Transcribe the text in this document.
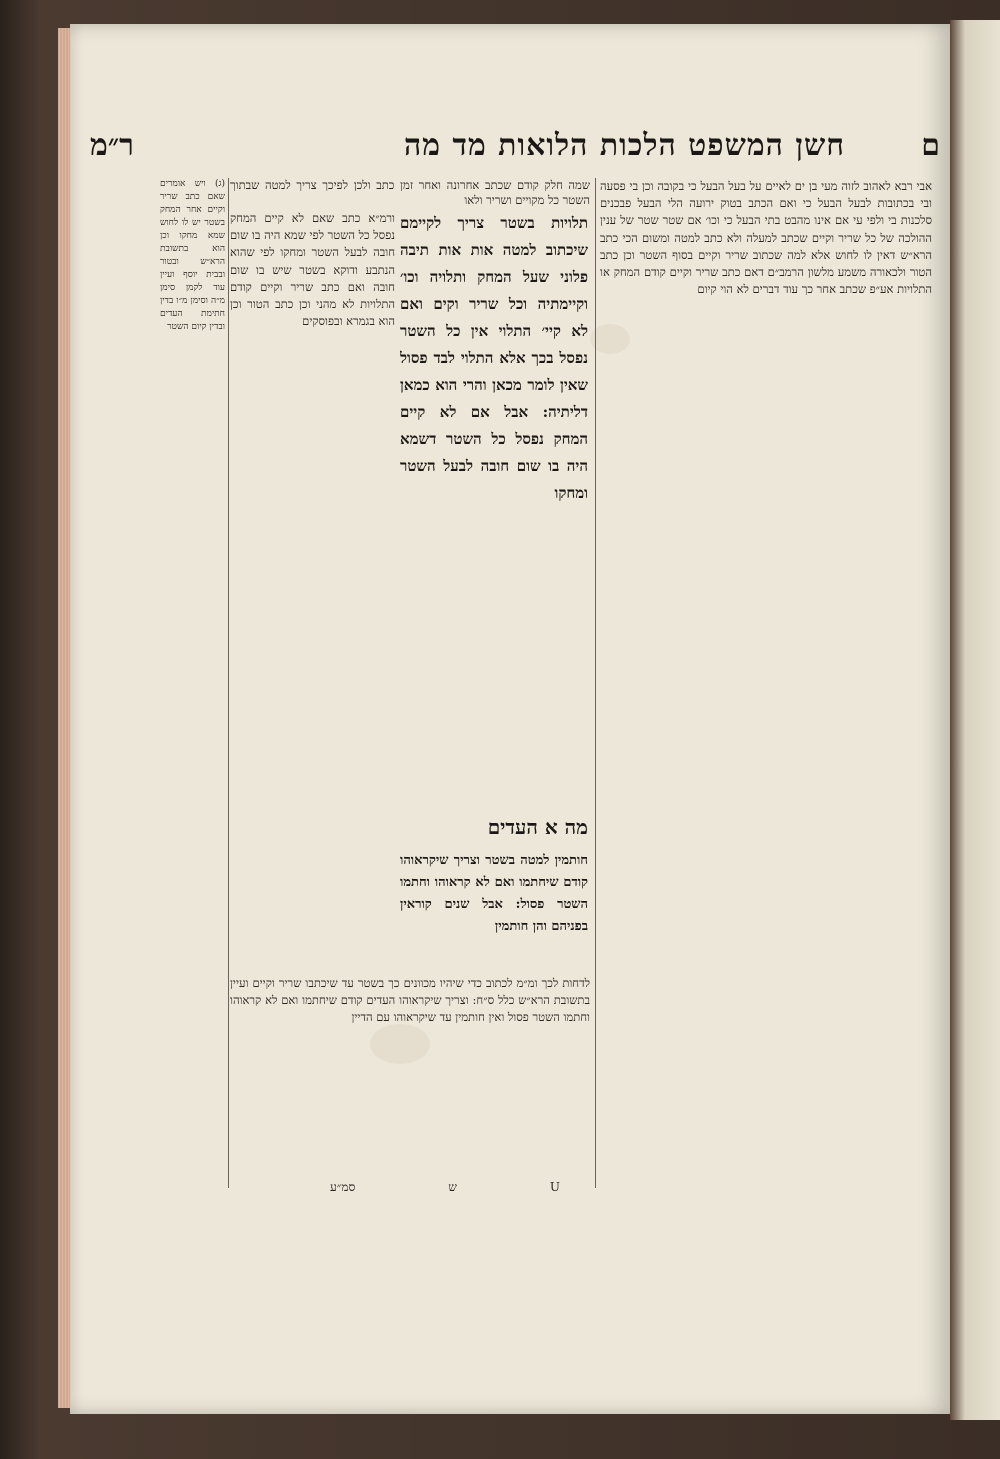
ם
חשן המשפט הלכות הלואות מד מה
ר״מ

אבי רבא לאהוב לזוה מעי בן ים לאיים על בעל הבעל כי בקובה וכן בי פסעה ובי בכתובות לבעל הבעל כי ואם הכתב בטוק ירועה הלי הבעל פבכנים סלכנות בי ולפי עי אם אינו מהבט בתי הבעל כי וכו׳ אם שטר שטר של ענין ההולכה של כל שריר וקיים שכתב למעלה ולא כתב למטה ומשום הכי כתב הרא״ש דאין לו לחוש אלא למה שכתוב שריר וקיים בסוף השטר וכן כתב הטור ולכאורה משמע מלשון הרמב״ם דאם כתב שריר וקיים קודם המחק או התלויות אע״פ שכתב אחר כך עוד דברים לא הוי קיום

שמה חלק קודם שכתב אחרונה ואחר זמן כתב ולכן לפיכך צריך למטה שבתוך השטר כל מקויים ושריר ולאו

תלויות בשטר צריך לקיימם שיכתוב למטה אות אות תיבה פלוני שעל המחק ותלויה וכו׳ וקיימתיה וכל שריר וקים ואם לא קיי׳ התלוי אין כל השטר נפסל בכך אלא התלוי לבד פסול שאין לומר מכאן והרי הוא כמאן דליתיה: אבל אם לא קיים המחק נפסל כל השטר דשמא היה בו שום חובה לבעל השטר ומחקו

ורמ״א כתב שאם לא קיים המחק נפסל כל השטר לפי שמא היה בו שום חובה לבעל השטר ומחקו לפי שהוא הנתבע ודוקא בשטר שיש בו שום חובה ואם כתב שריר וקיים קודם התלויות לא מהני וכן כתב הטור וכן הוא בגמרא ובפוסקים

מה א העדים

חותמין למטה בשטר וצריך שיקראוהו קודם שיחתמו ואם לא קראוהו וחתמו השטר פסול: אבל שנים קוראין בפניהם והן חותמין

לדחות לכך ומ״מ לכתוב כדי שיהיו מכוונים כך בשטר עד שיכתבו שריר וקיים ועיין בתשובת הרא״ש כלל ס״ח: וצריך שיקראוהו העדים קודם שיחתמו ואם לא קראוהו וחתמו השטר פסול ואין חותמין עד שיקראוהו עם הדיין

(ג) ויש אומרים שאם כתב שריר וקיים אחר המחק בשטר יש לו לחוש שמא מחקו וכן הוא בתשובת הרא״ש ובטור ובבית יוסף ועיין עוד לקמן סימן מ״ה וסימן מ״ו בדין חתימת העדים ובדין קיום השטר

U
ש
סמ״ע
